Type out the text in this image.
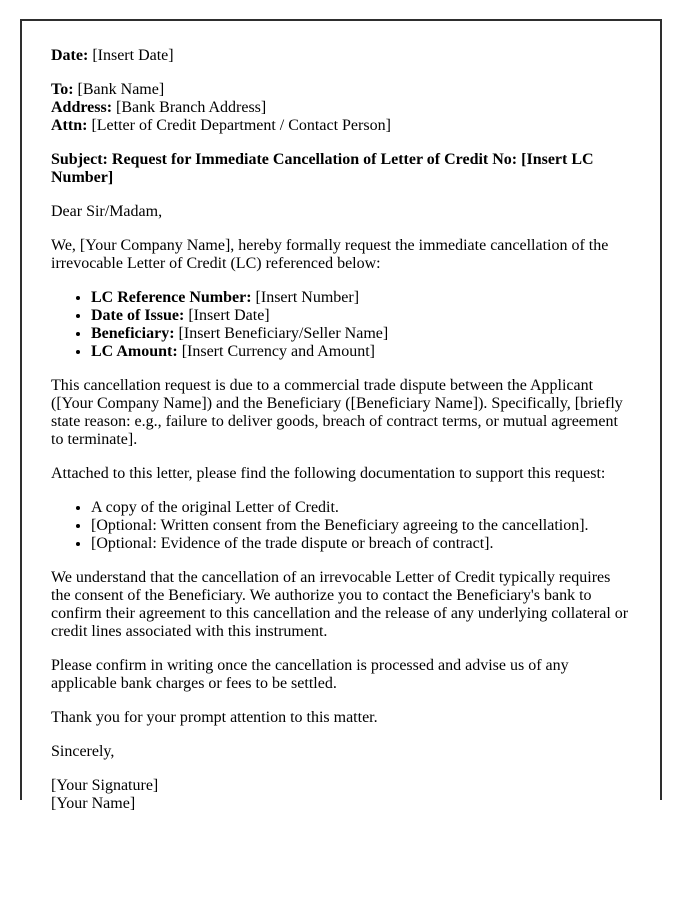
Date: [Insert Date]

To: [Bank Name]
Address: [Bank Branch Address]
Attn: [Letter of Credit Department / Contact Person]

Subject: Request for Immediate Cancellation of Letter of Credit No: [Insert LC Number]

Dear Sir/Madam,

We, [Your Company Name], hereby formally request the immediate cancellation of the irrevocable Letter of Credit (LC) referenced below:

• LC Reference Number: [Insert Number]
• Date of Issue: [Insert Date]
• Beneficiary: [Insert Beneficiary/Seller Name]
• LC Amount: [Insert Currency and Amount]

This cancellation request is due to a commercial trade dispute between the Applicant ([Your Company Name]) and the Beneficiary ([Beneficiary Name]). Specifically, [briefly state reason: e.g., failure to deliver goods, breach of contract terms, or mutual agreement to terminate].

Attached to this letter, please find the following documentation to support this request:

• A copy of the original Letter of Credit.
• [Optional: Written consent from the Beneficiary agreeing to the cancellation].
• [Optional: Evidence of the trade dispute or breach of contract].

We understand that the cancellation of an irrevocable Letter of Credit typically requires the consent of the Beneficiary. We authorize you to contact the Beneficiary's bank to confirm their agreement to this cancellation and the release of any underlying collateral or credit lines associated with this instrument.

Please confirm in writing once the cancellation is processed and advise us of any applicable bank charges or fees to be settled.

Thank you for your prompt attention to this matter.

Sincerely,

[Your Signature]
[Your Name]
